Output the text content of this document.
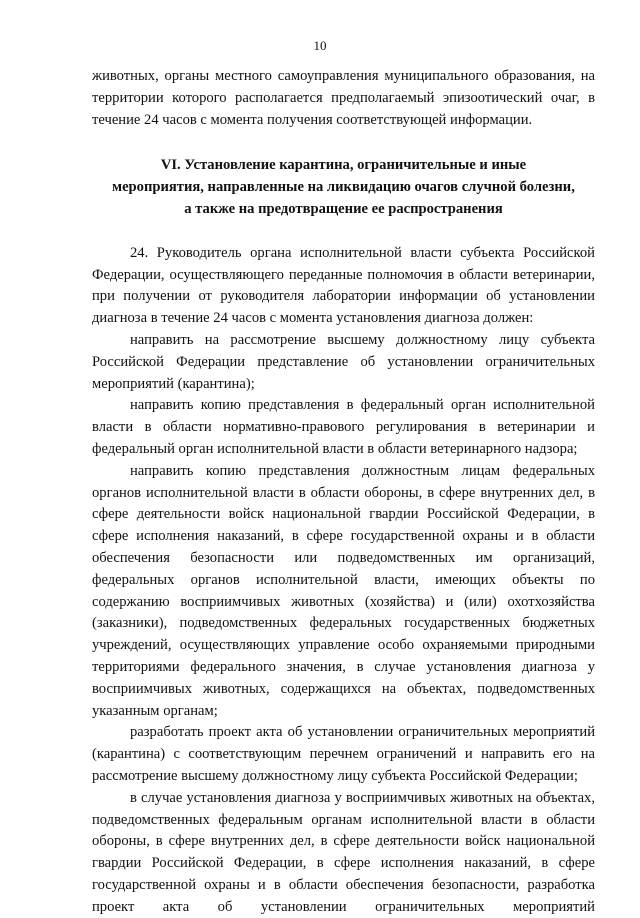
10

животных, органы местного самоуправления муниципального образования, на территории которого располагается предполагаемый эпизоотический очаг, в течение 24 часов с момента получения соответствующей информации.

VI. Установление карантина, ограничительные и иные
мероприятия, направленные на ликвидацию очагов случной болезни,
а также на предотвращение ее распространения

24. Руководитель органа исполнительной власти субъекта Российской Федерации, осуществляющего переданные полномочия в области ветеринарии, при получении от руководителя лаборатории информации об установлении диагноза в течение 24 часов с момента установления диагноза должен:

направить на рассмотрение высшему должностному лицу субъекта Российской Федерации представление об установлении ограничительных мероприятий (карантина);

направить копию представления в федеральный орган исполнительной власти в области нормативно-правового регулирования в ветеринарии и федеральный орган исполнительной власти в области ветеринарного надзора;

направить копию представления должностным лицам федеральных органов исполнительной власти в области обороны, в сфере внутренних дел, в сфере деятельности войск национальной гвардии Российской Федерации, в сфере исполнения наказаний, в сфере государственной охраны и в области обеспечения безопасности или подведомственных им организаций, федеральных органов исполнительной власти, имеющих объекты по содержанию восприимчивых животных (хозяйства) и (или) охотхозяйства (заказники), подведомственных федеральных государственных бюджетных учреждений, осуществляющих управление особо охраняемыми природными территориями федерального значения, в случае установления диагноза у восприимчивых животных, содержащихся на объектах, подведомственных указанным органам;

разработать проект акта об установлении ограничительных мероприятий (карантина) с соответствующим перечнем ограничений и направить его на рассмотрение высшему должностному лицу субъекта Российской Федерации;

в случае установления диагноза у восприимчивых животных на объектах, подведомственных федеральным органам исполнительной власти в области обороны, в сфере внутренних дел, в сфере деятельности войск национальной гвардии Российской Федерации, в сфере исполнения наказаний, в сфере государственной охраны и в области обеспечения безопасности, разработка проект акта об установлении ограничительных мероприятий
